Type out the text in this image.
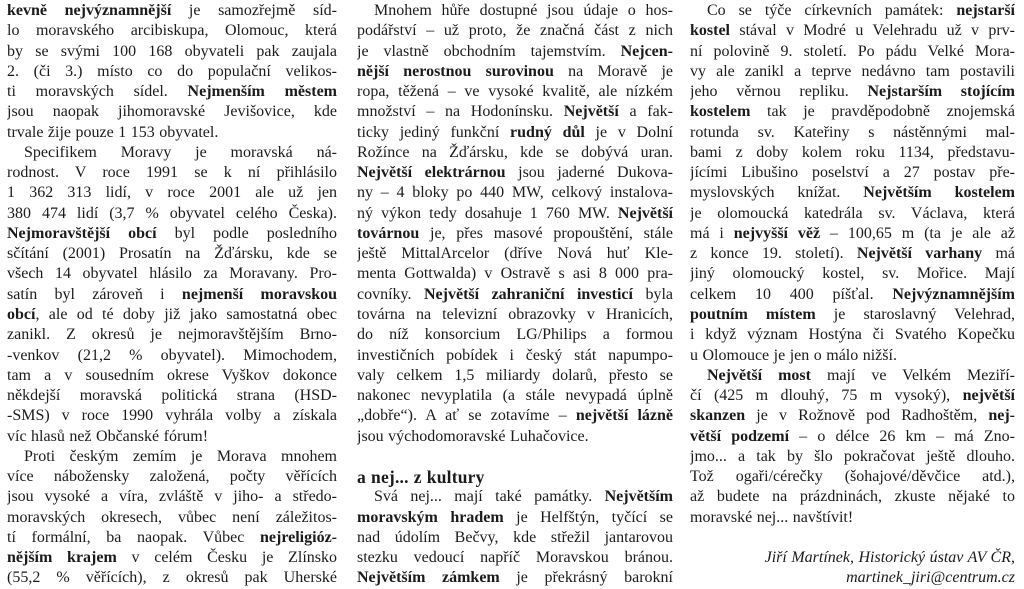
kevně nejvýznamnější je samozřejmě síd-
lo moravského arcibiskupa, Olomouc, která
by se svými 100 168 obyvateli pak zaujala
2. (či 3.) místo co do populační velikos-
ti moravských sídel. Nejmenším městem
jsou naopak jihomoravské Jevišovice, kde
trvale žije pouze 1 153 obyvatel.
Specifikem Moravy je moravská ná-
rodnost. V roce 1991 se k ní přihlásilo
1 362 313 lidí, v roce 2001 ale už jen
380 474 lidí (3,7 % obyvatel celého Česka).
Nejmoravštější obcí byl podle posledního
sčítání (2001) Prosatín na Žďársku, kde se
všech 14 obyvatel hlásilo za Moravany. Pro-
satín byl zároveň i nejmenší moravskou
obcí, ale od té doby již jako samostatná obec
zanikl. Z okresů je nejmoravštějším Brno-
-venkov (21,2 % obyvatel). Mimochodem,
tam a v sousedním okrese Vyškov dokonce
někdejší moravská politická strana (HSD-
-SMS) v roce 1990 vyhrála volby a získala
víc hlasů než Občanské fórum!
Proti českým zemím je Morava mnohem
více nábožensky založená, počty věřících
jsou vysoké a víra, zvláště v jiho- a středo-
moravských okresech, vůbec není záležitos-
tí formální, ba naopak. Vůbec nejreligióz-
nějším krajem v celém Česku je Zlínsko
(55,2 % věřících), z okresů pak Uherské
Mnohem hůře dostupné jsou údaje o hos-
podářství – už proto, že značná část z nich
je vlastně obchodním tajemstvím. Nejcen-
nější nerostnou surovinou na Moravě je
ropa, těžená – ve vysoké kvalitě, ale nízkém
množství – na Hodonínsku. Největší a fak-
ticky jediný funkční rudný důl je v Dolní
Rožínce na Žďársku, kde se dobývá uran.
Největší elektrárnou jsou jaderné Dukova-
ny – 4 bloky po 440 MW, celkový instalova-
ný výkon tedy dosahuje 1 760 MW. Největší
továrnou je, přes masové propouštění, stále
ještě MittalArcelor (dříve Nová huť Kle-
menta Gottwalda) v Ostravě s asi 8 000 pra-
covníky. Největší zahraniční investicí byla
továrna na televizní obrazovky v Hranicích,
do níž konsorcium LG/Philips a formou
investičních pobídek i český stát napumpo-
valy celkem 1,5 miliardy dolarů, přesto se
nakonec nevyplatila (a stále nevypadá úplně
„dobře“). A ať se zotavíme – největší lázně
jsou východomoravské Luhačovice.

a nej... z kultury
Svá nej... mají také památky. Největším
moravským hradem je Helfštýn, tyčící se
nad údolím Bečvy, kde střežil jantarovou
stezku vedoucí napříč Moravskou bránou.
Největším zámkem je překrásný barokní
Co se týče církevních památek: nejstarší
kostel stával v Modré u Velehradu už v prv-
ní polovině 9. století. Po pádu Velké Mora-
vy ale zanikl a teprve nedávno tam postavili
jeho věrnou repliku. Nejstarším stojícím
kostelem tak je pravděpodobně znojemská
rotunda sv. Kateřiny s nástěnnými mal-
bami z doby kolem roku 1134, představu-
jícími Libušino poselství a 27 postav pře-
myslovských knížat. Největším kostelem
je olomoucká katedrála sv. Václava, která
má i nejvyšší věž – 100,65 m (ta je ale až
z konce 19. století). Největší varhany má
jiný olomoucký kostel, sv. Mořice. Mají
celkem 10 400 píšťal. Nejvýznamnějším
poutním místem je staroslavný Velehrad,
i když význam Hostýna či Svatého Kopečku
u Olomouce je jen o málo nižší.
Největší most mají ve Velkém Meziří-
čí (425 m dlouhý, 75 m vysoký), největší
skanzen je v Rožnově pod Radhoštěm, nej-
větší podzemí – o délce 26 km – má Zno-
jmo... a tak by šlo pokračovat ještě dlouho.
Tož ogaři/cérečky (šohajové/děvčice atd.),
až budete na prázdninách, zkuste nějaké to
moravské nej... navštívit!

Jiří Martínek, Historický ústav AV ČR,
martinek_jiri@centrum.cz
